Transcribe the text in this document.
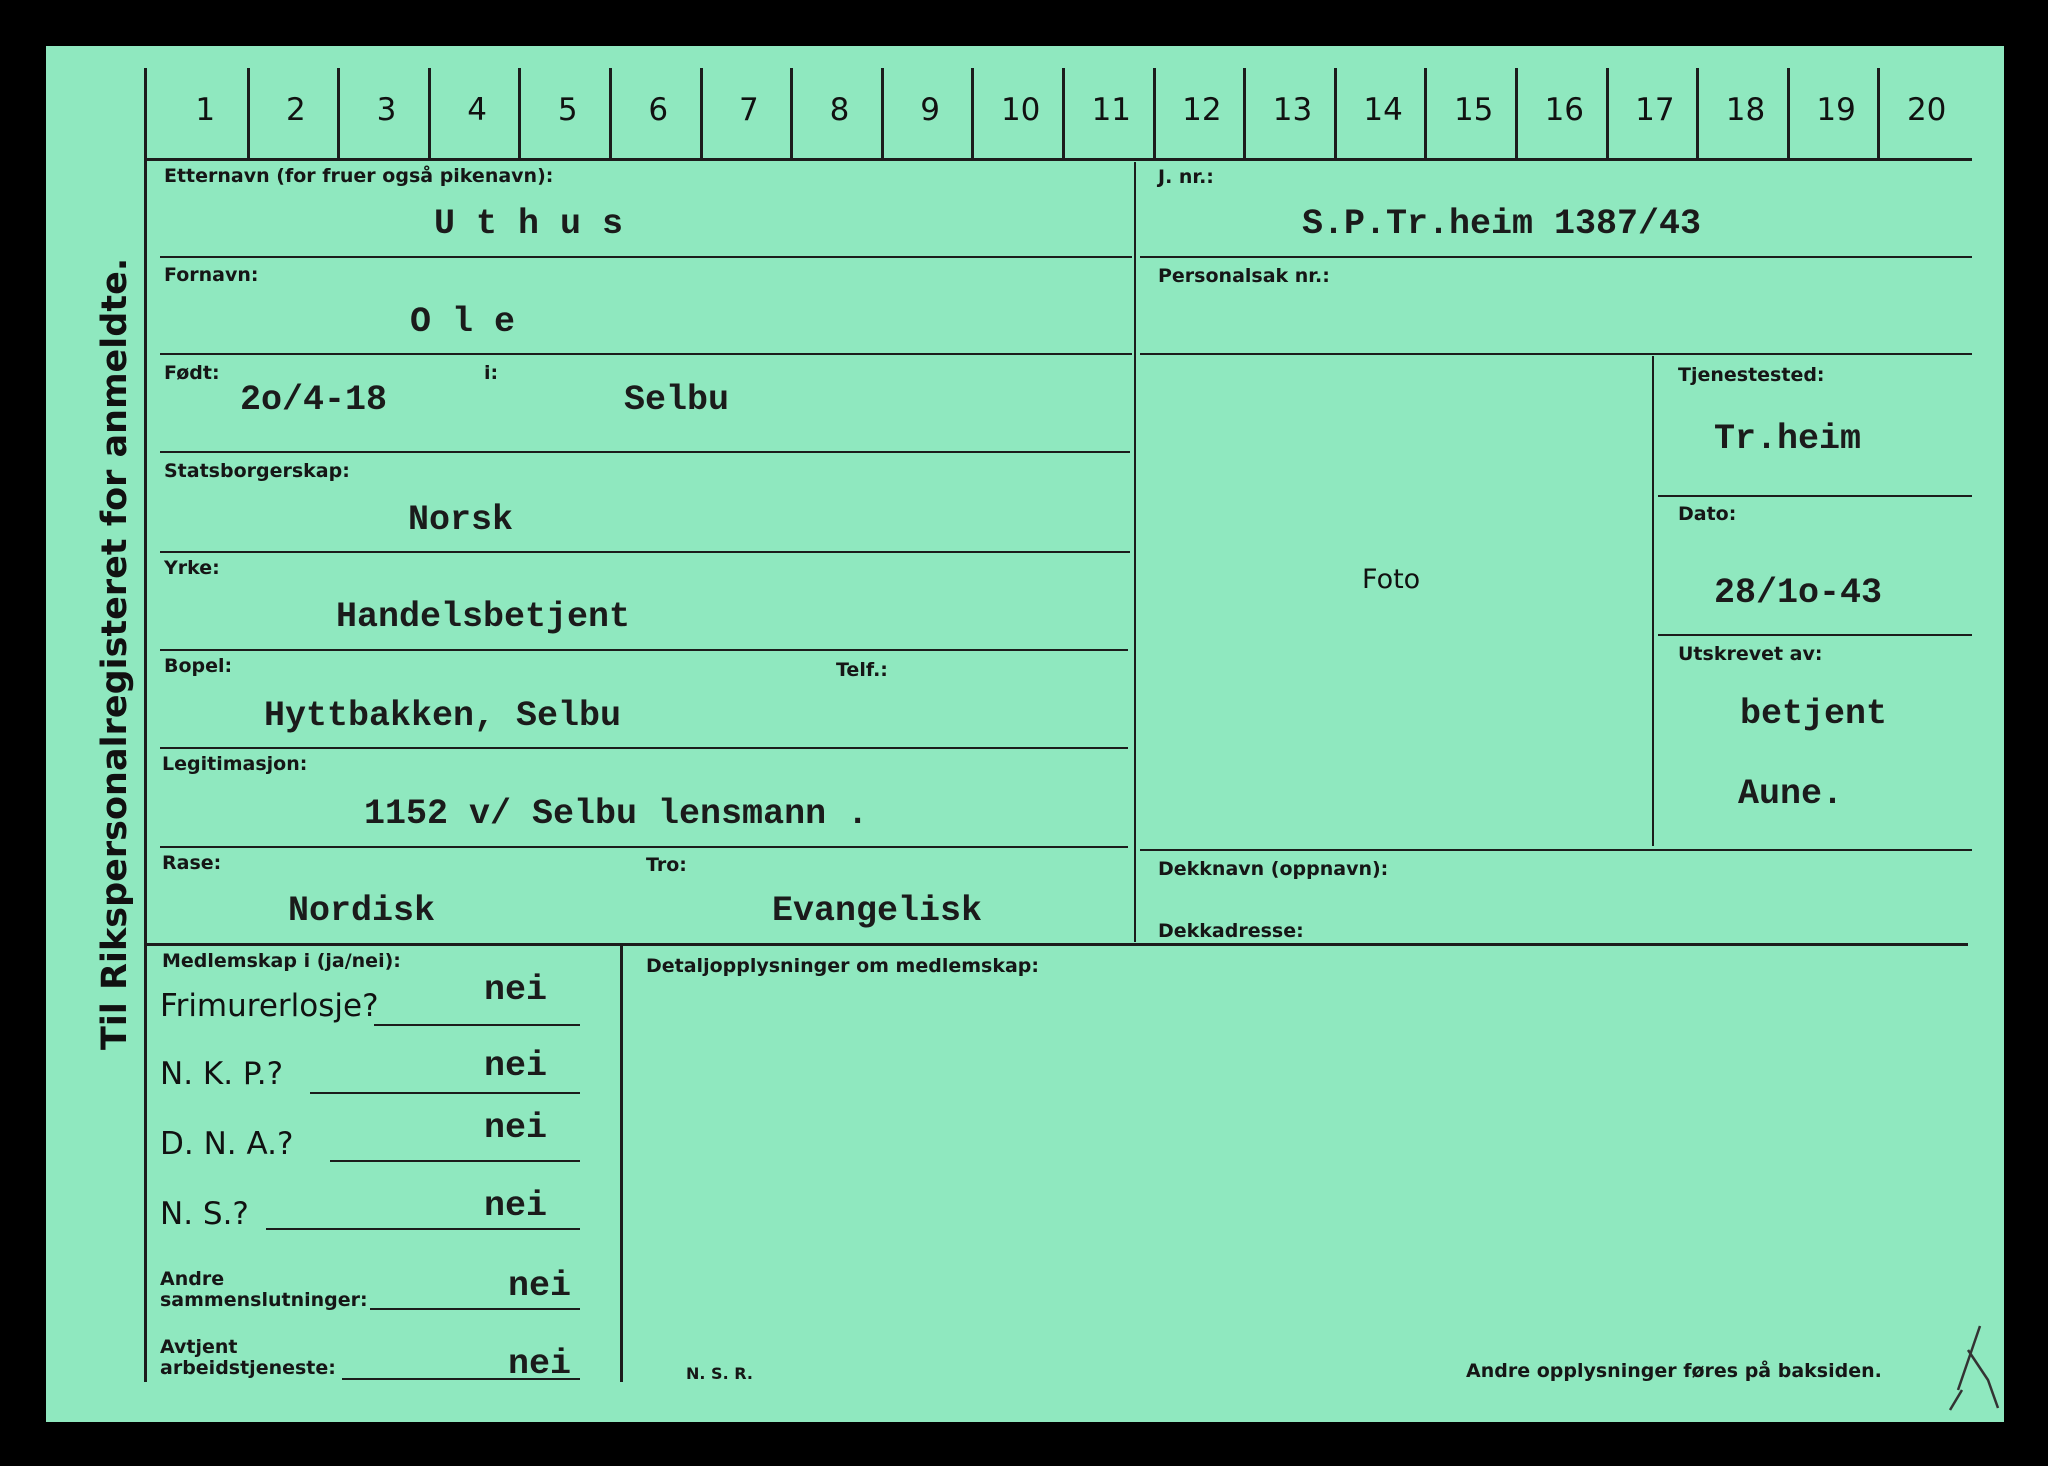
Til Rikspersonalregisteret for anmeldte.
1	2	3	4	5	6	7	8	9	10	11	12	13	14	15	16	17	18	19	20
Etternavn (for fruer også pikenavn):
U t h u s
Fornavn:
O l e
Født:
2o/4-18
i:
Selbu
Statsborgerskap:
Norsk
Yrke:
Handelsbetjent
Bopel:	Telf.:
Hyttbakken, Selbu
Legitimasjon:
1152 v/ Selbu lensmann .
Rase:
Nordisk
Tro:
Evangelisk
J. nr.:
S.P.Tr.heim 1387/43
Personalsak nr.:
Tjenestested:
Tr.heim
Dato:
28/1o-43
Utskrevet av:
betjent
Aune.
Foto
Dekknavn (oppnavn):
Dekkadresse:
Medlemskap i (ja/nei):	Detaljopplysninger om medlemskap:
Frimurerlosje?	nei
N. K. P.?	nei
D. N. A.?	nei
N. S.?	nei
Andre
sammenslutninger:	nei
Avtjent
arbeidstjeneste:	nei	N. S. R.	Andre opplysninger føres på baksiden.
